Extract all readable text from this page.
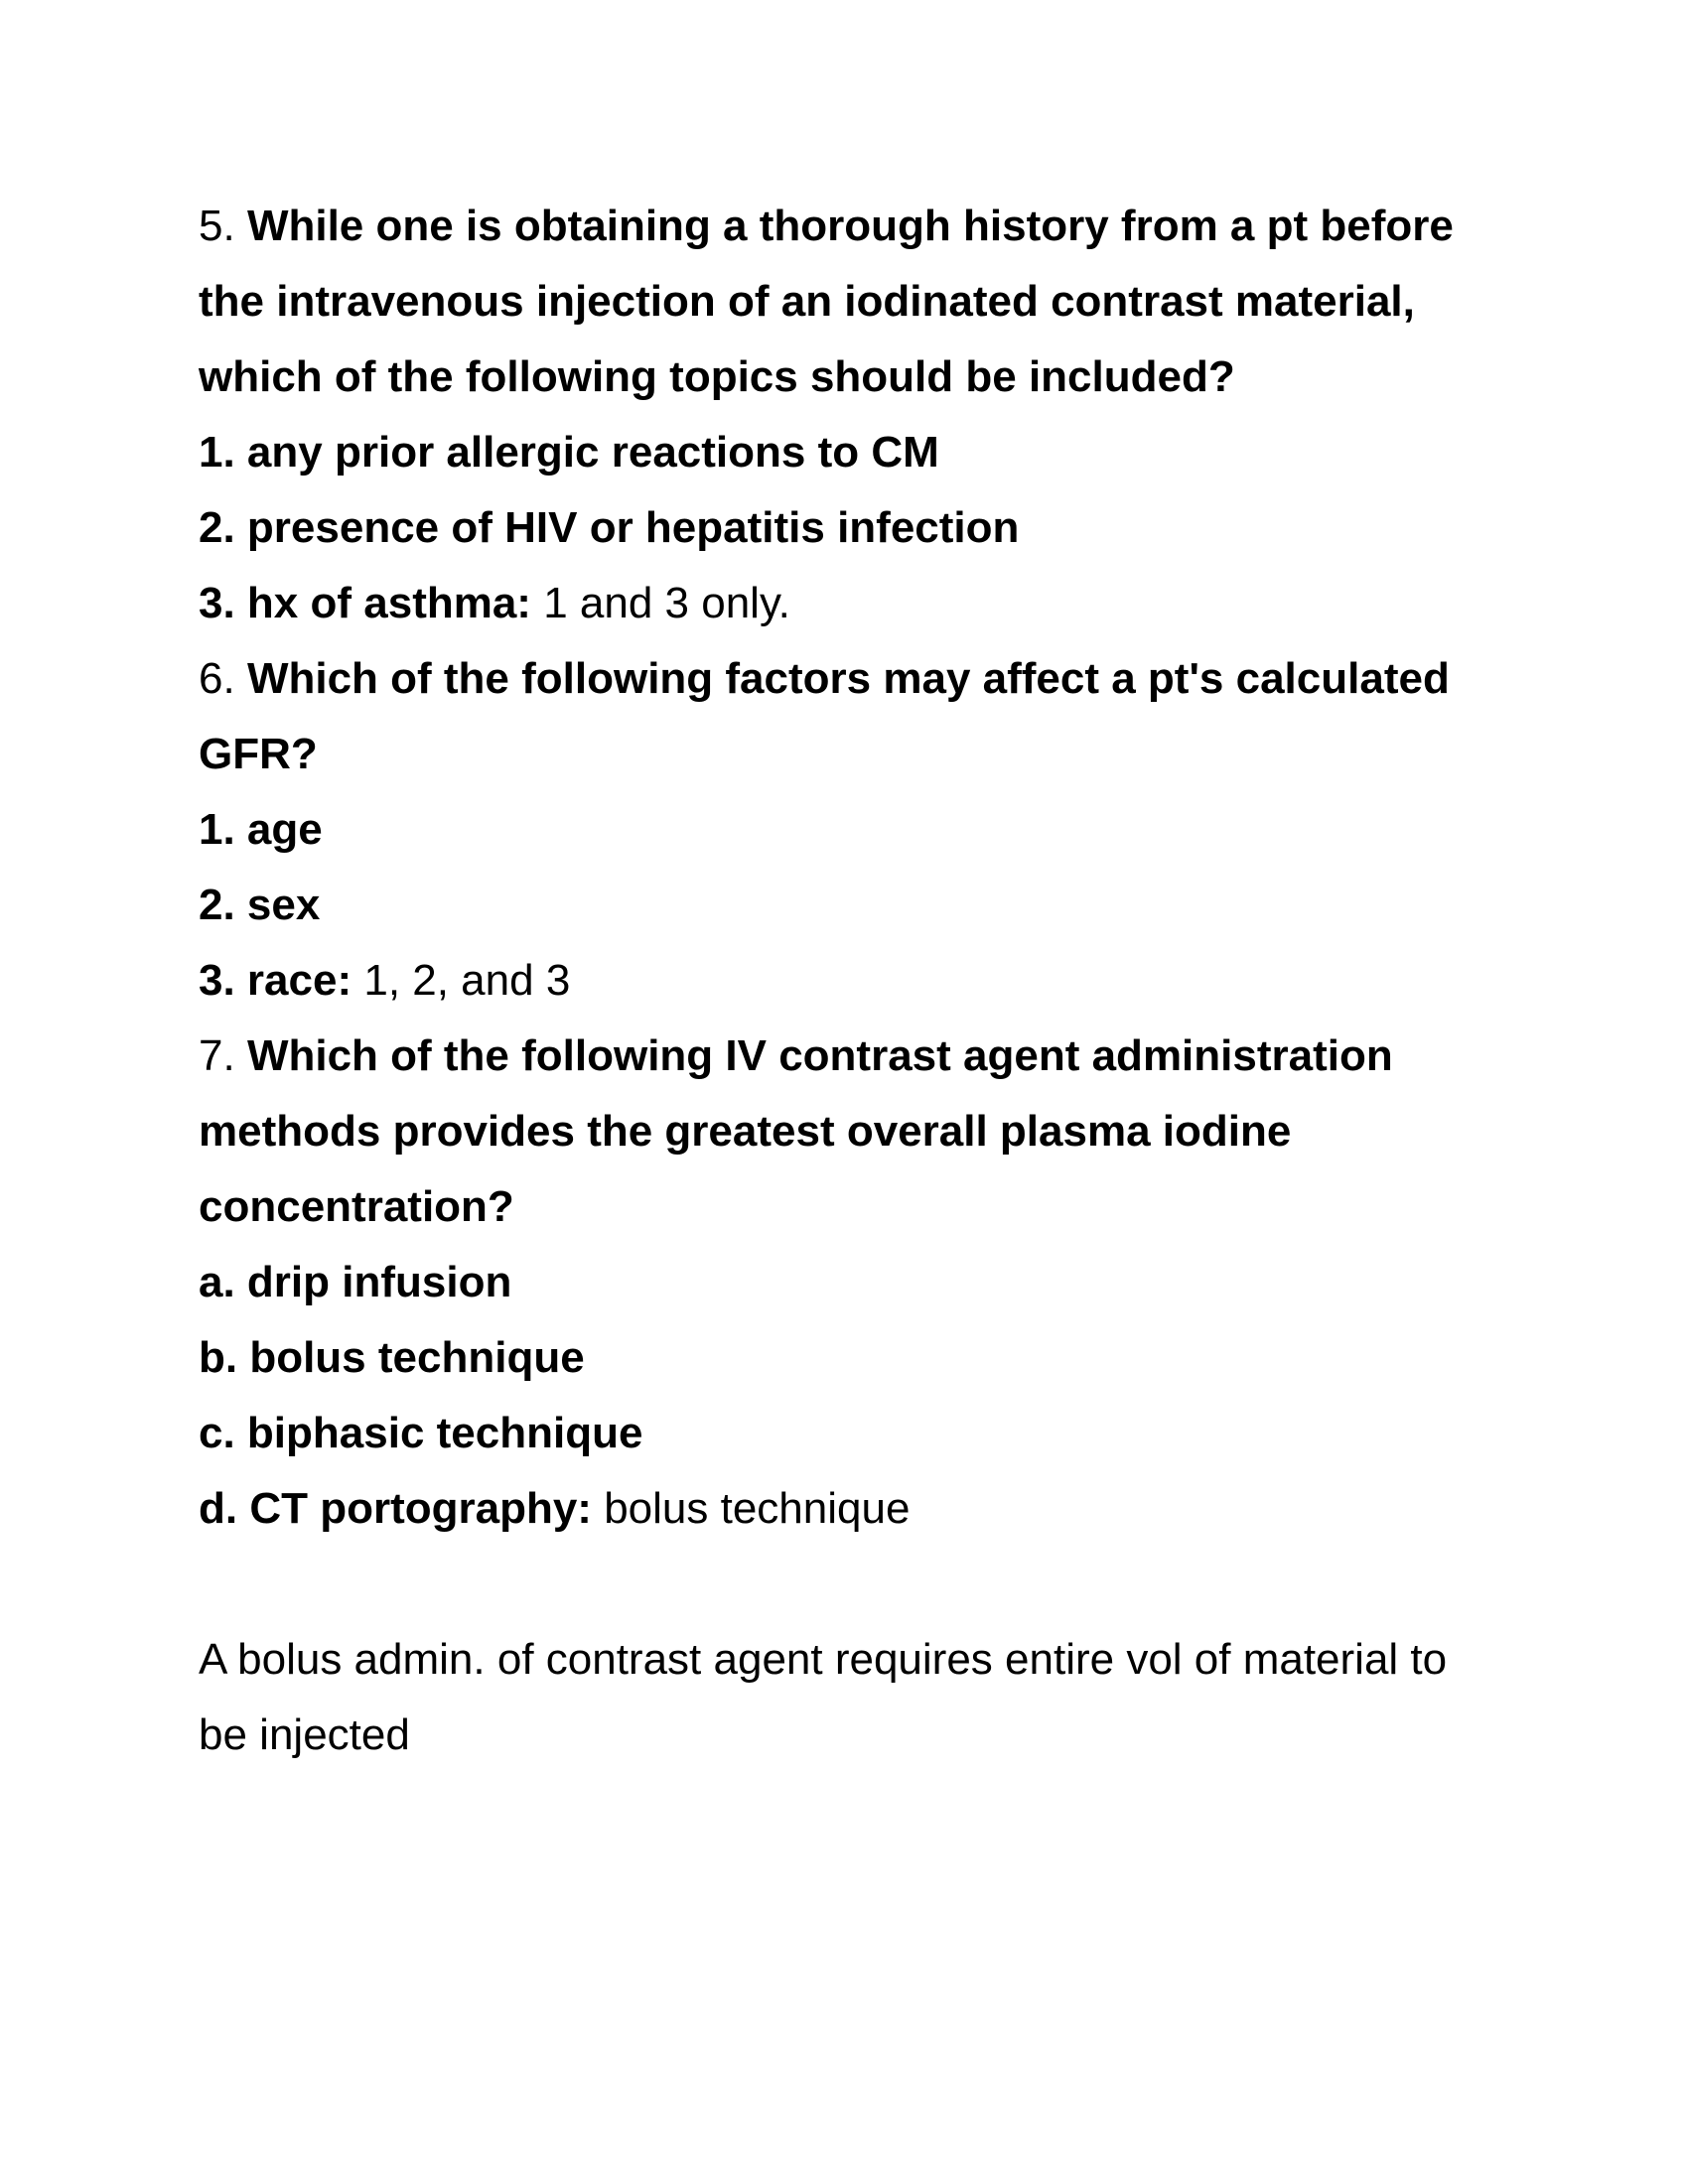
5. While one is obtaining a thorough history from a pt before

the intravenous injection of an iodinated contrast material,

which of the following topics should be included?

1. any prior allergic reactions to CM

2. presence of HIV or hepatitis infection

3. hx of asthma: 1 and 3 only.

6. Which of the following factors may affect a pt's calculated

GFR?

1. age

2. sex

3. race: 1, 2, and 3

7. Which of the following IV contrast agent administration

methods provides the greatest overall plasma iodine

concentration?

a. drip infusion

b. bolus technique

c. biphasic technique

d. CT portography: bolus technique

A bolus admin. of contrast agent requires entire vol of material to

be injected
